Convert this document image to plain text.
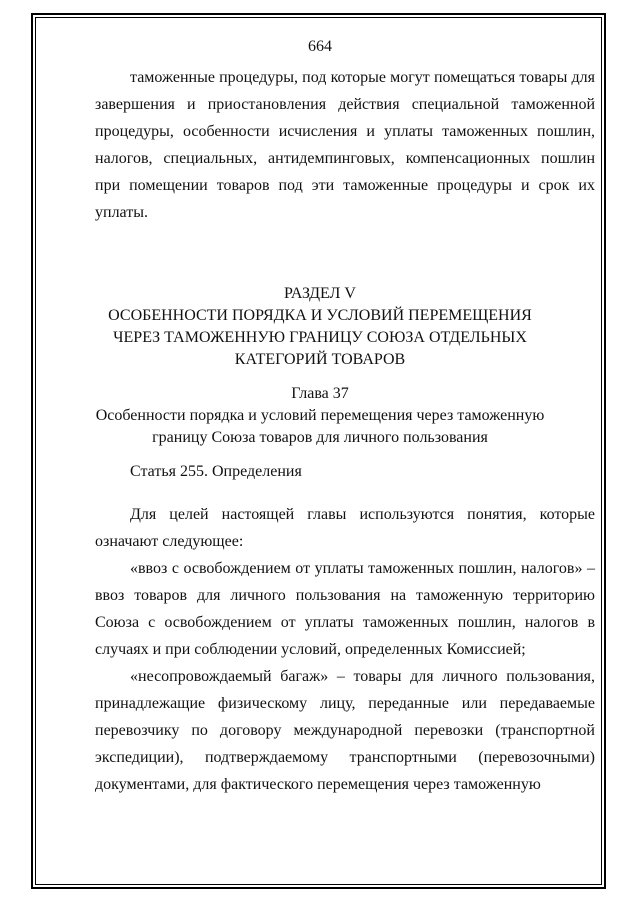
664

таможенные процедуры, под которые могут помещаться товары для завершения и приостановления действия специальной таможенной процедуры, особенности исчисления и уплаты таможенных пошлин, налогов, специальных, антидемпинговых, компенсационных пошлин при помещении товаров под эти таможенные процедуры и срок их уплаты.

РАЗДЕЛ V
ОСОБЕННОСТИ ПОРЯДКА И УСЛОВИЙ ПЕРЕМЕЩЕНИЯ
ЧЕРЕЗ ТАМОЖЕННУЮ ГРАНИЦУ СОЮЗА ОТДЕЛЬНЫХ
КАТЕГОРИЙ ТОВАРОВ
Глава 37
Особенности порядка и условий перемещения через таможенную
границу Союза товаров для личного пользования

Статья 255. Определения

Для целей настоящей главы используются понятия, которые означают следующее:

«ввоз с освобождением от уплаты таможенных пошлин, налогов» – ввоз товаров для личного пользования на таможенную территорию Союза с освобождением от уплаты таможенных пошлин, налогов в случаях и при соблюдении условий, определенных Комиссией;

«несопровождаемый багаж» – товары для личного пользования, принадлежащие физическому лицу, переданные или передаваемые перевозчику по договору международной перевозки (транспортной экспедиции), подтверждаемому транспортными (перевозочными) документами, для фактического перемещения через таможенную
